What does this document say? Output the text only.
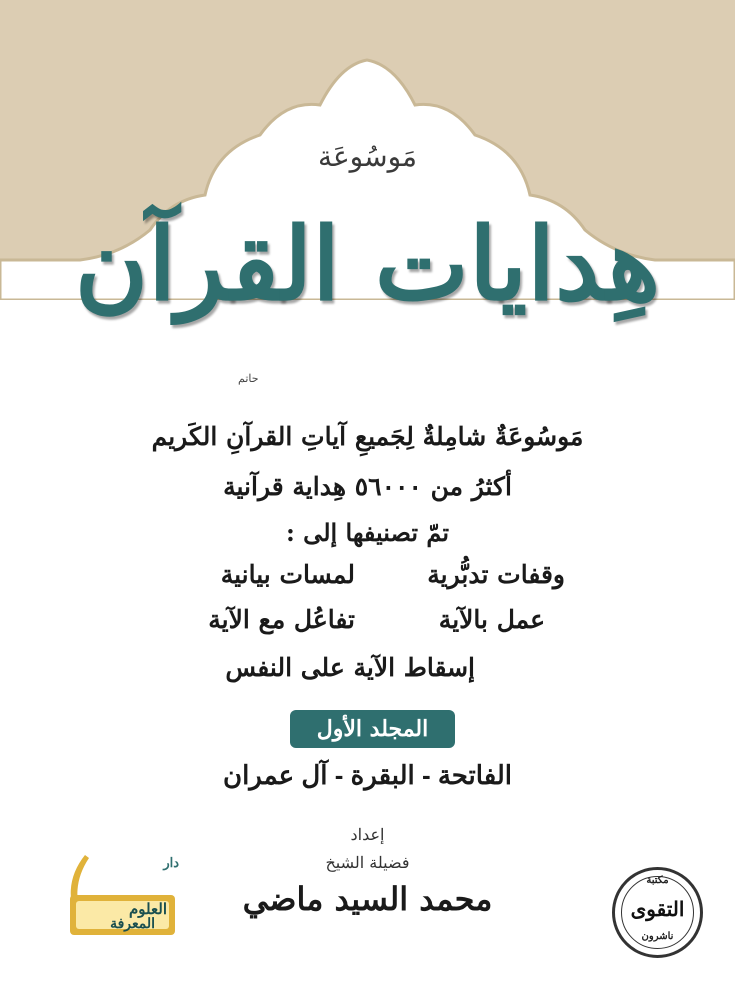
مَوسُوعَة
هِدايات القرآن
حاتم
مَوسُوعَةٌ شامِلةٌ لِجَميعِ آياتِ القرآنِ الكَريم
أكثرُ من ٥٦٠٠٠ هِداية قرآنية
تمّ تصنيفها إلى :
وقفات تدبُّرية
لمسات بيانية
عمل بالآية
تفاعُل مع الآية
إسقاط الآية على النفس
المجلد الأول
الفاتحة - البقرة - آل عمران
إعداد
فضيلة الشيخ
محمد السيد ماضي
دار
العلوم
المعرفة
مكتبة
التقوى
ناشرون
